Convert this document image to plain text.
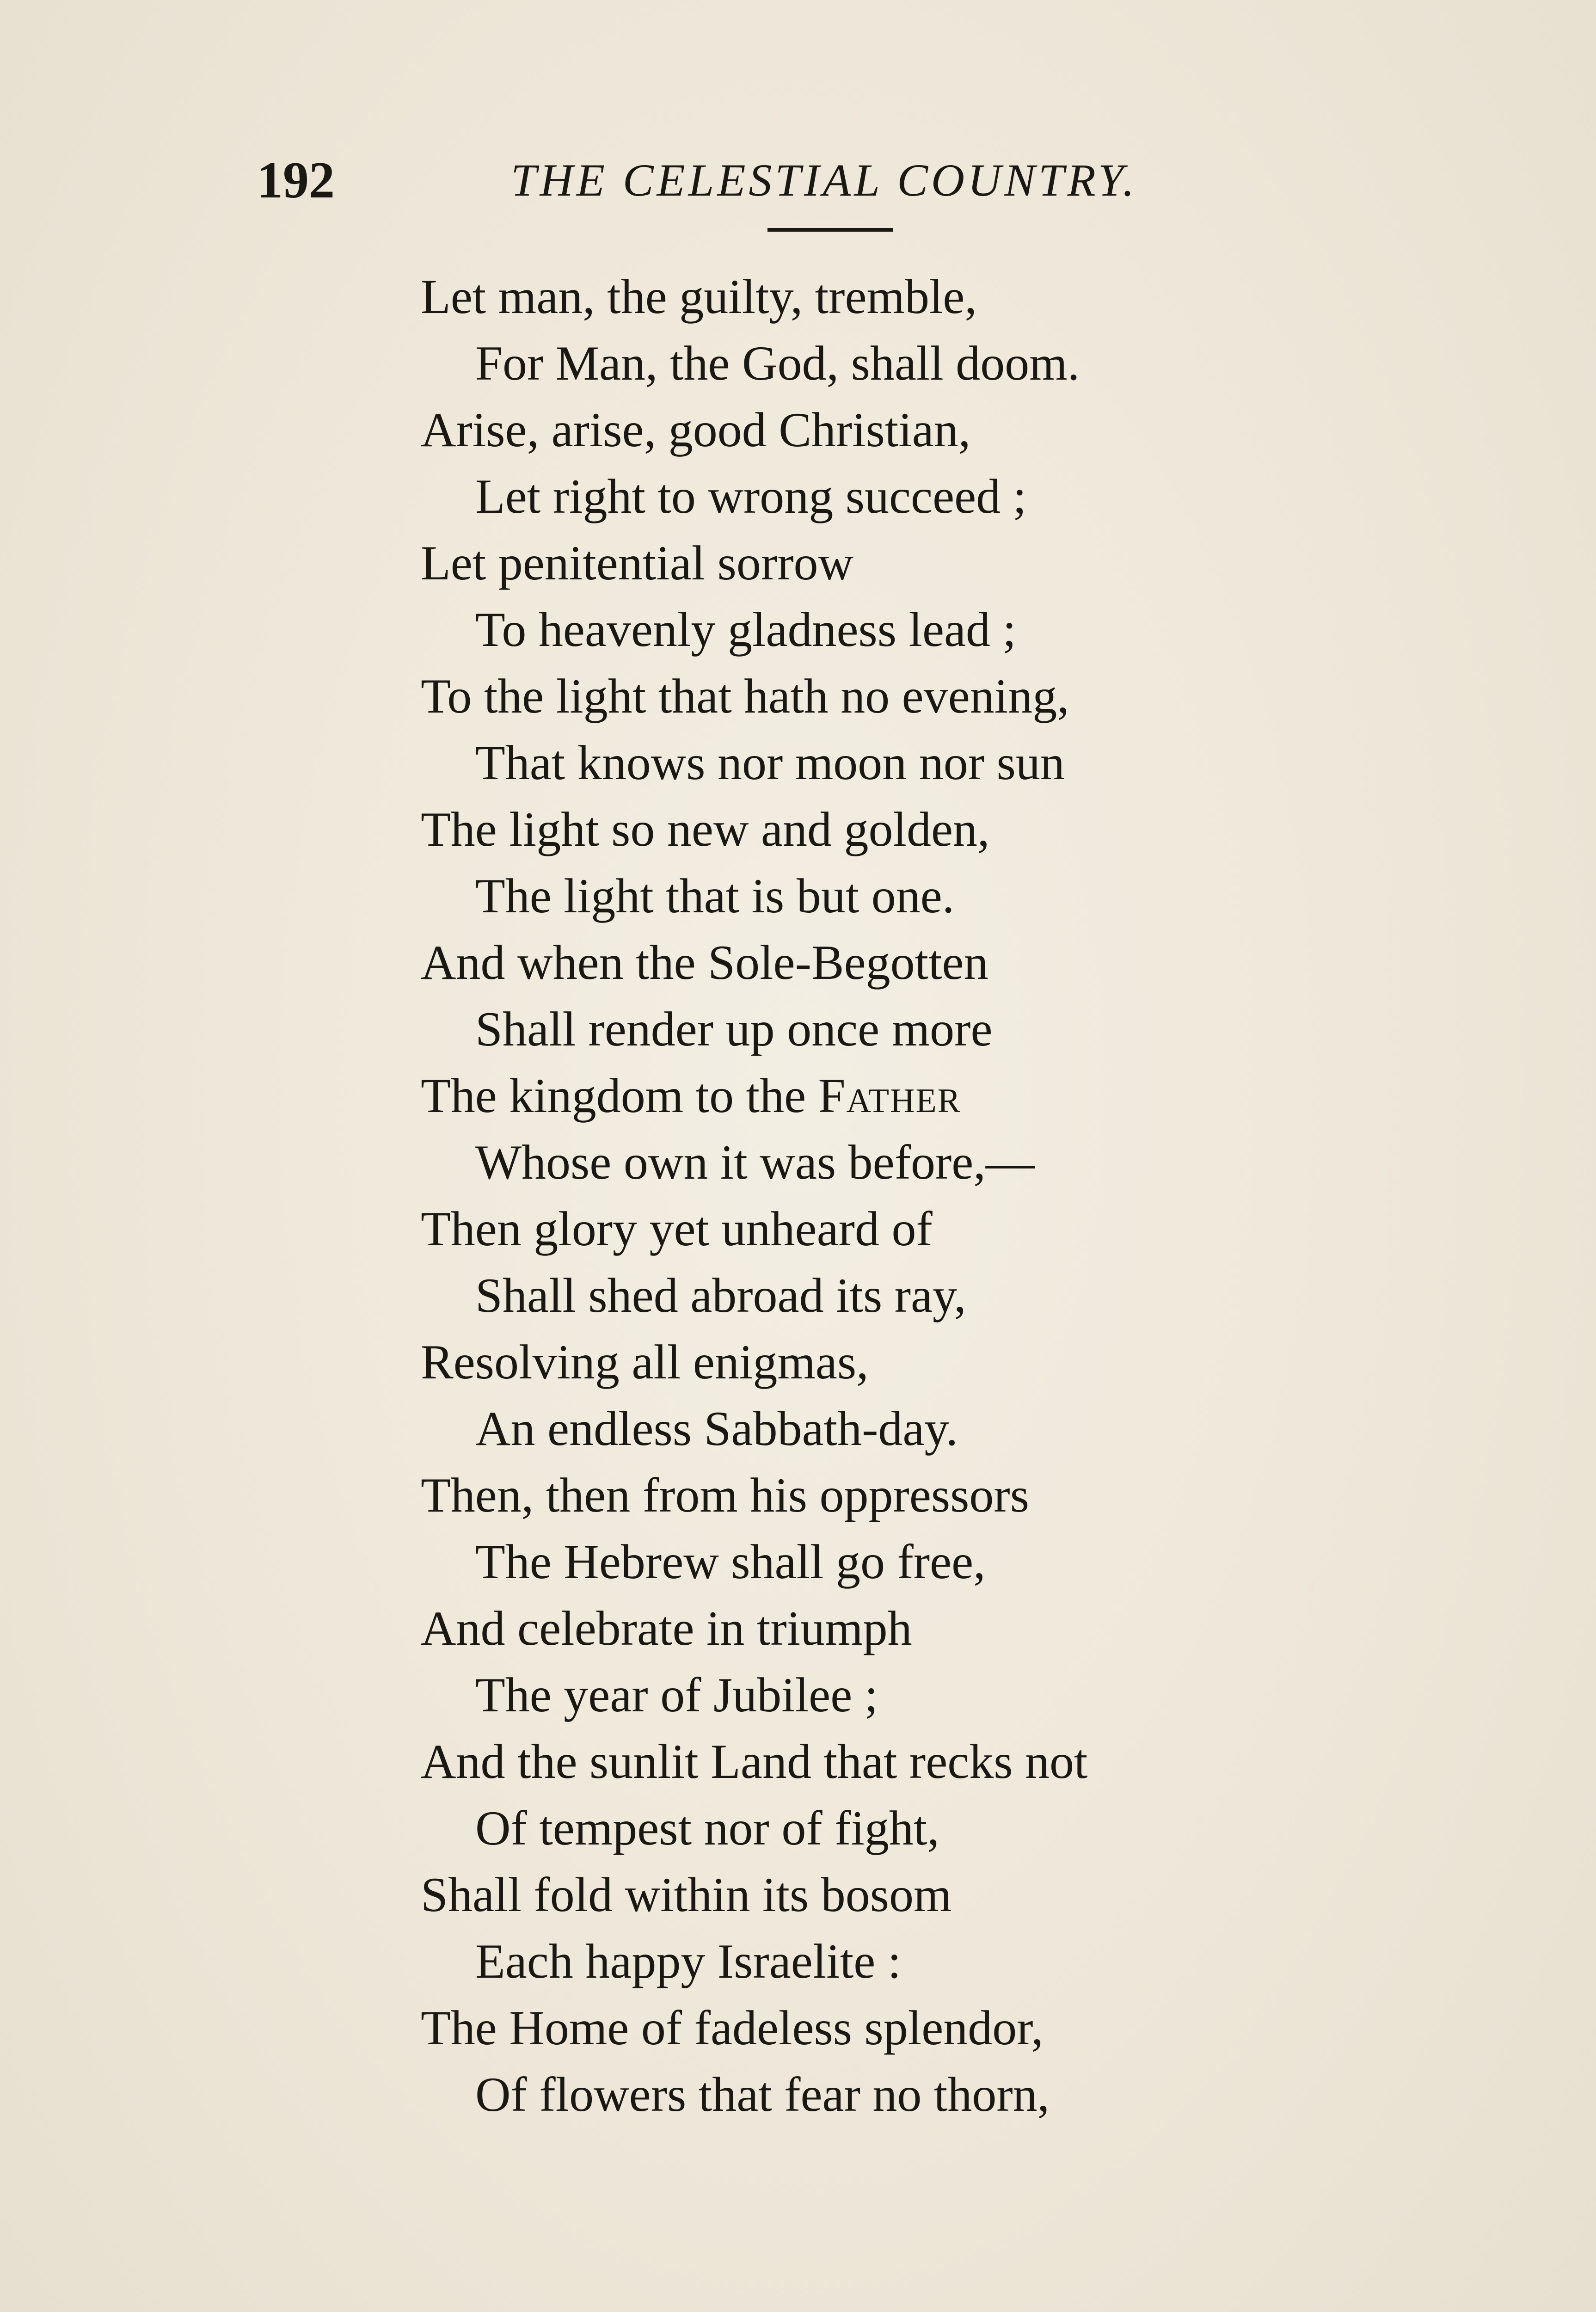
192	THE CELESTIAL COUNTRY.
Let man, the guilty, tremble,
For Man, the God, shall doom.
Arise, arise, good Christian,
Let right to wrong succeed ;
Let penitential sorrow
To heavenly gladness lead ;
To the light that hath no evening,
That knows nor moon nor sun
The light so new and golden,
The light that is but one.
And when the Sole-Begotten
Shall render up once more
The kingdom to the Father
Whose own it was before,—
Then glory yet unheard of
Shall shed abroad its ray,
Resolving all enigmas,
An endless Sabbath-day.
Then, then from his oppressors
The Hebrew shall go free,
And celebrate in triumph
The year of Jubilee ;
And the sunlit Land that recks not
Of tempest nor of fight,
Shall fold within its bosom
Each happy Israelite :
The Home of fadeless splendor,
Of flowers that fear no thorn,
